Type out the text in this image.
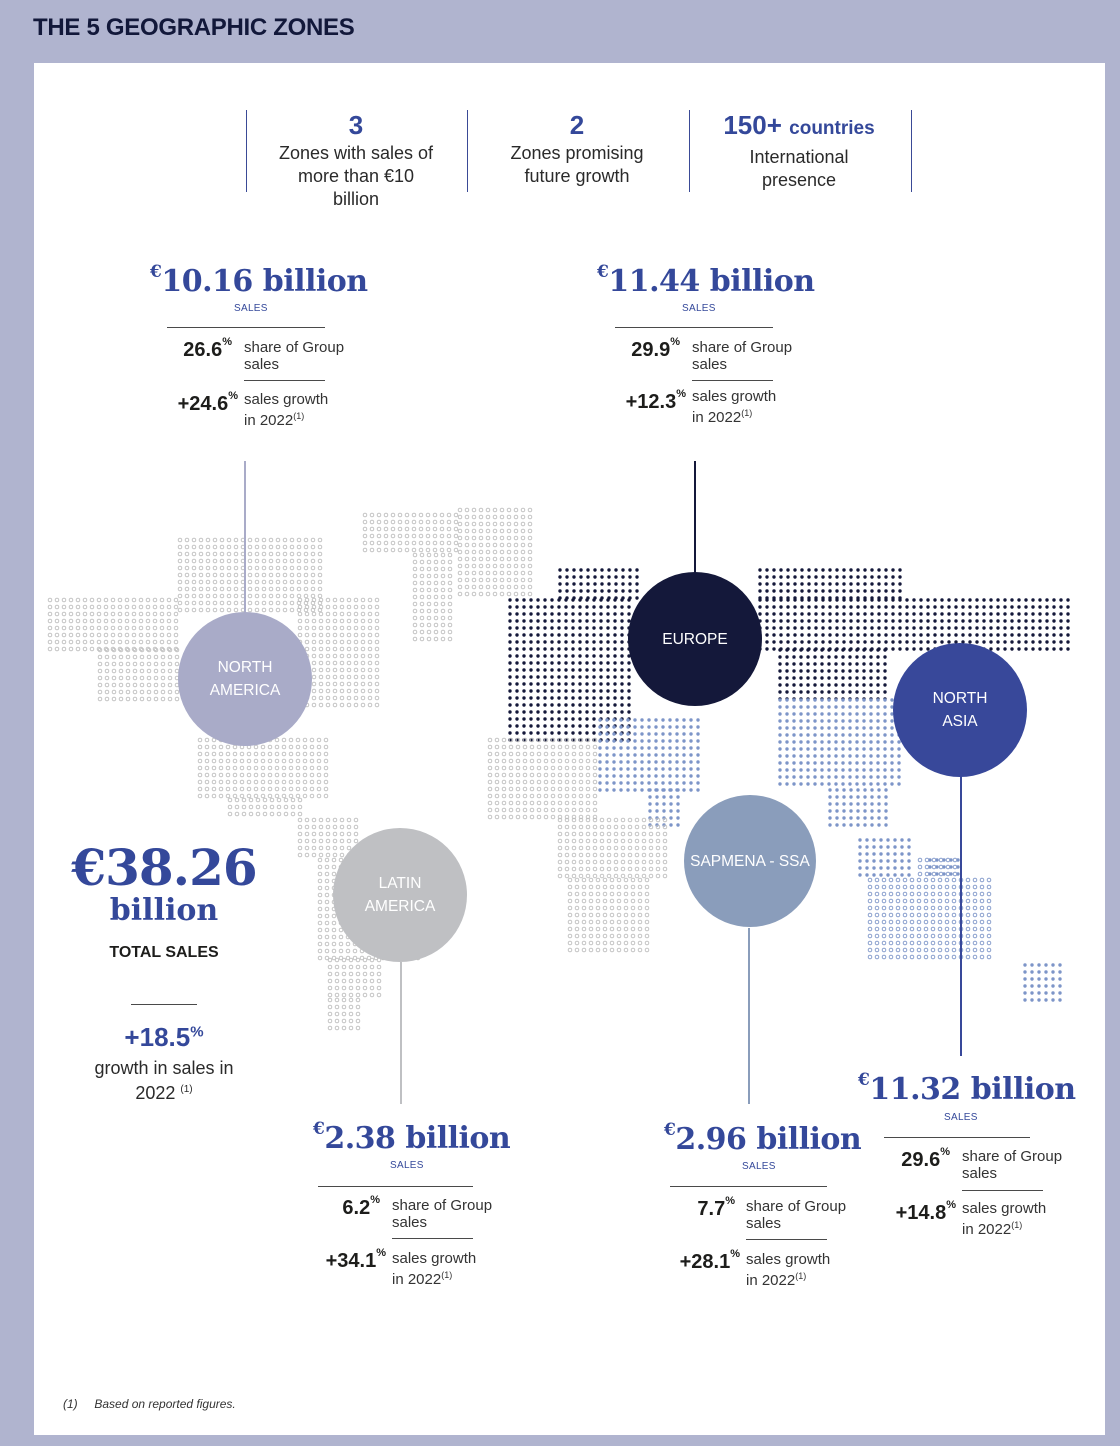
THE 5 GEOGRAPHIC ZONES
3
Zones with sales of more than €10 billion
2
Zones promising future growth
150+ countries
International presence
NORTH AMERICA
EUROPE
NORTH ASIA
LATIN AMERICA
SAPMENA - SSA
€10.16 billion
SALES
26.6% share of Group sales
+24.6% sales growth in 2022$^{(1)}$
€11.44 billion
SALES
29.9% share of Group sales
+12.3% sales growth in 2022$^{(1)}$
€11.32 billion
SALES
29.6% share of Group sales
+14.8% sales growth in 2022$^{(1)}$
€2.38 billion
SALES
6.2% share of Group sales
+34.1% sales growth in 2022$^{(1)}$
€2.96 billion
SALES
7.7% share of Group sales
+28.1% sales growth in 2022$^{(1)}$
€38.26
billion
TOTAL SALES
+18.5%
growth in sales in 2022 $^{(1)}$
(1) Based on reported figures.
